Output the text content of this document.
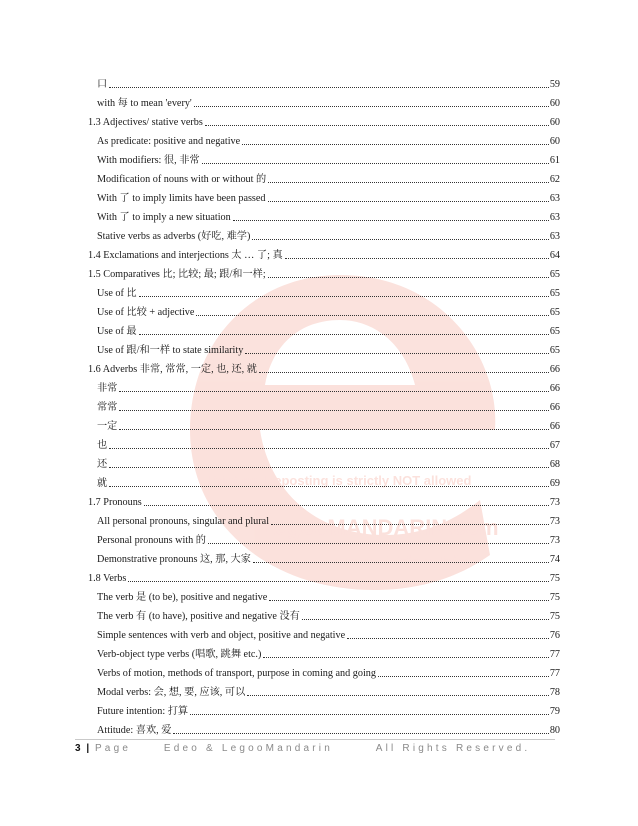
Printing, Reposting is strictly NOT allowed
LegooMANDARIN.com
www.Edeo.biz
口	59
with 每 to mean 'every'	60
1.3 Adjectives/ stative verbs	60
As predicate: positive and negative	60
With modifiers: 很, 非常	61
Modification of nouns with or without 的	62
With 了 to imply limits have been passed	63
With 了 to imply a new situation	63
Stative verbs as adverbs (好吃, 难学)	63
1.4 Exclamations and interjections 太 … 了; 真	64
1.5 Comparatives 比; 比较; 最; 跟/和一样;	65
Use of 比	65
Use of 比较 + adjective	65
Use of 最	65
Use of 跟/和一样 to state similarity	65
1.6 Adverbs 非常, 常常, 一定, 也, 还, 就	66
非常	66
常常	66
一定	66
也	67
还	68
就	69
1.7 Pronouns	73
All personal pronouns, singular and plural	73
Personal pronouns with 的	73
Demonstrative pronouns 这, 那, 大家	74
1.8 Verbs	75
The verb 是 (to be), positive and negative	75
The verb 有 (to have), positive and negative 没有	75
Simple sentences with verb and object, positive and negative	76
Verb-object type verbs (唱歌, 跳舞 etc.)	77
Verbs of motion, methods of transport, purpose in coming and going	77
Modal verbs: 会, 想, 要, 应该, 可以	78
Future intention: 打算	79
Attitude: 喜欢, 爱	80
3 | Page	Edeo & LegooMandarin	All Rights Reserved.
